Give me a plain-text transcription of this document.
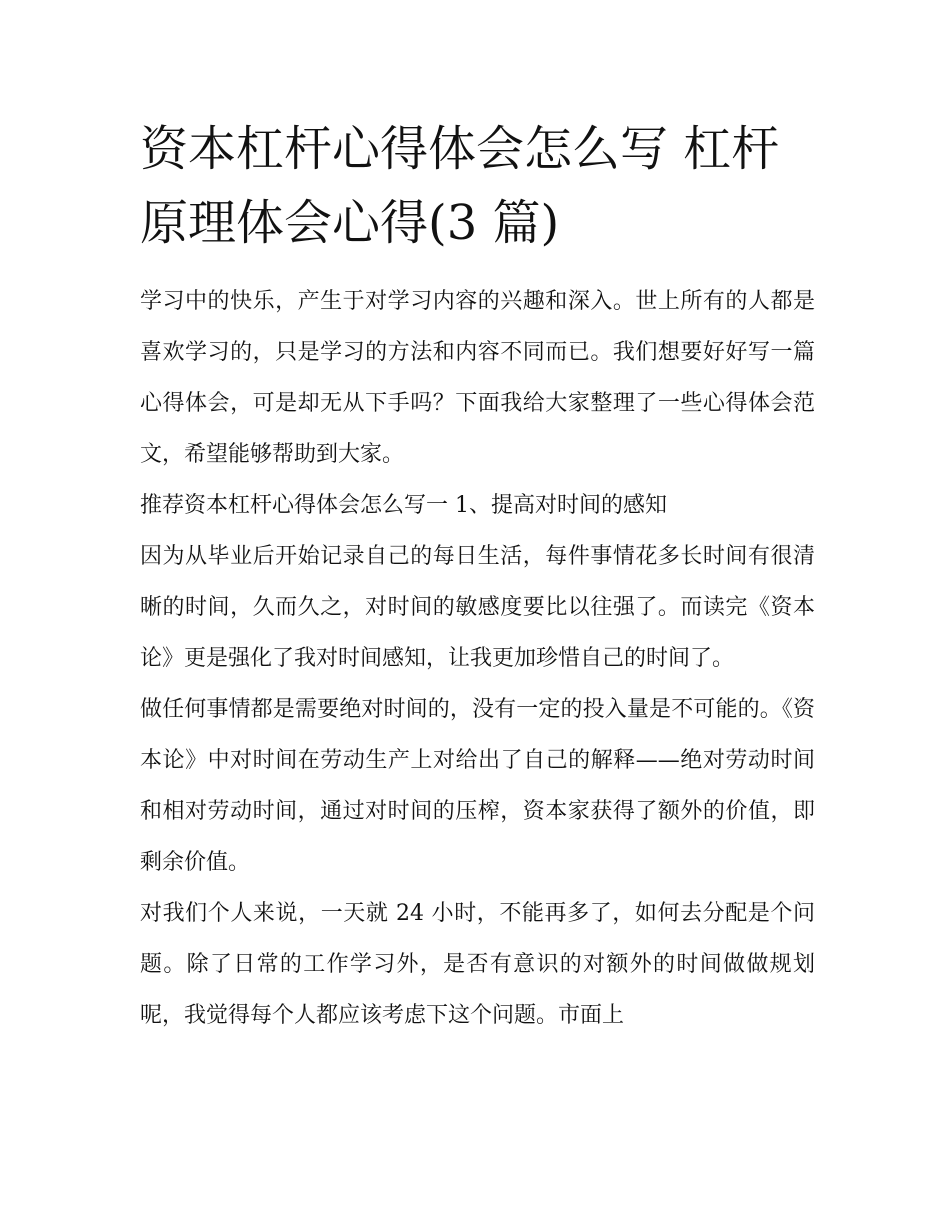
资本杠杆心得体会怎么写 杠杆原理体会心得(3 篇)

学习中的快乐，产生于对学习内容的兴趣和深入。世上所有的人都是喜欢学习的，只是学习的方法和内容不同而已。我们想要好好写一篇心得体会，可是却无从下手吗？下面我给大家整理了一些心得体会范文，希望能够帮助到大家。

推荐资本杠杆心得体会怎么写一 1、提高对时间的感知

因为从毕业后开始记录自己的每日生活，每件事情花多长时间有很清晰的时间，久而久之，对时间的敏感度要比以往强了。而读完《资本论》更是强化了我对时间感知，让我更加珍惜自己的时间了。

做任何事情都是需要绝对时间的，没有一定的投入量是不可能的。《资本论》中对时间在劳动生产上对给出了自己的解释——绝对劳动时间和相对劳动时间，通过对时间的压榨，资本家获得了额外的价值，即剩余价值。

对我们个人来说，一天就 24 小时，不能再多了，如何去分配是个问题。除了日常的工作学习外，是否有意识的对额外的时间做做规划呢，我觉得每个人都应该考虑下这个问题。市面上
